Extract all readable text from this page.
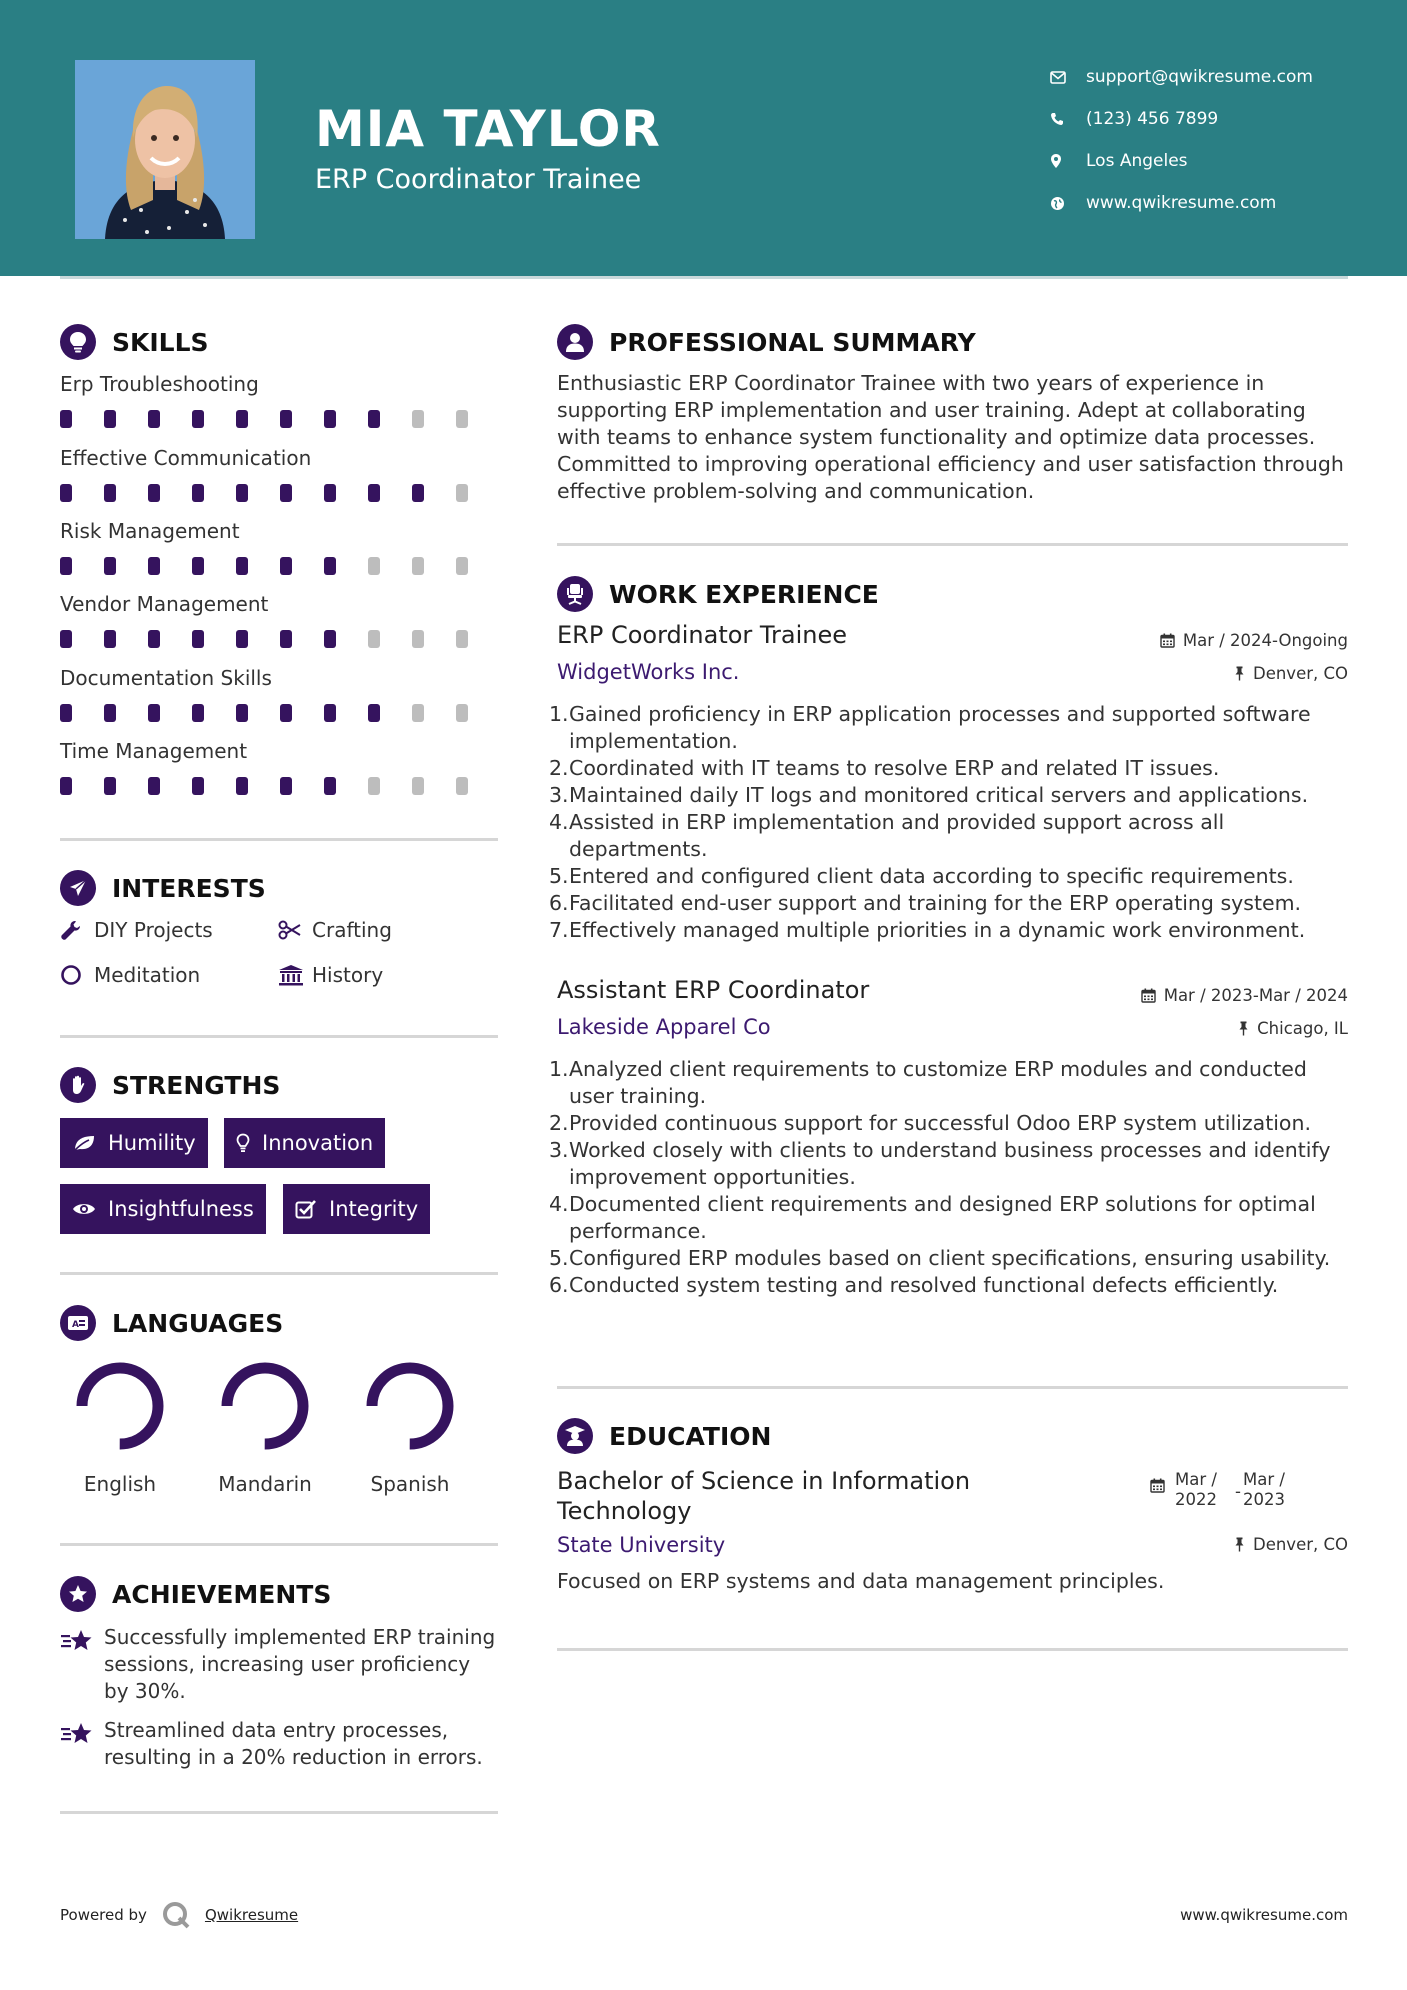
MIA TAYLOR
ERP Coordinator Trainee
support@qwikresume.com
(123) 456 7899
Los Angeles
www.qwikresume.com
SKILLS
Erp Troubleshooting
Effective Communication
Risk Management
Vendor Management
Documentation Skills
Time Management
INTERESTS
DIY Projects	Crafting
Meditation	History
STRENGTHS
Humility	Innovation
Insightfulness	Integrity
A LANGUAGES
English	Mandarin	Spanish
ACHIEVEMENTS
Successfully implemented ERP training sessions, increasing user proficiency by 30%.
Streamlined data entry processes, resulting in a 20% reduction in errors.
PROFESSIONAL SUMMARY
Enthusiastic ERP Coordinator Trainee with two years of experience in supporting ERP implementation and user training. Adept at collaborating with teams to enhance system functionality and optimize data processes. Committed to improving operational efficiency and user satisfaction through effective problem-solving and communication.
WORK EXPERIENCE
ERP Coordinator Trainee	Mar / 2024-Ongoing
WidgetWorks Inc.	Denver, CO
1. Gained proficiency in ERP application processes and supported software implementation.
2. Coordinated with IT teams to resolve ERP and related IT issues.
3. Maintained daily IT logs and monitored critical servers and applications.
4. Assisted in ERP implementation and provided support across all departments.
5. Entered and configured client data according to specific requirements.
6. Facilitated end-user support and training for the ERP operating system.
7. Effectively managed multiple priorities in a dynamic work environment.
Assistant ERP Coordinator	Mar / 2023-Mar / 2024
Lakeside Apparel Co	Chicago, IL
1. Analyzed client requirements to customize ERP modules and conducted user training.
2. Provided continuous support for successful Odoo ERP system utilization.
3. Worked closely with clients to understand business processes and identify improvement opportunities.
4. Documented client requirements and designed ERP solutions for optimal performance.
5. Configured ERP modules based on client specifications, ensuring usability.
6. Conducted system testing and resolved functional defects efficiently.
EDUCATION
Bachelor of Science in Information Technology
Mar / 2022	-
Mar / 2023
State University	Denver, CO
Focused on ERP systems and data management principles.
Powered by	Qwikresume	www.qwikresume.com
